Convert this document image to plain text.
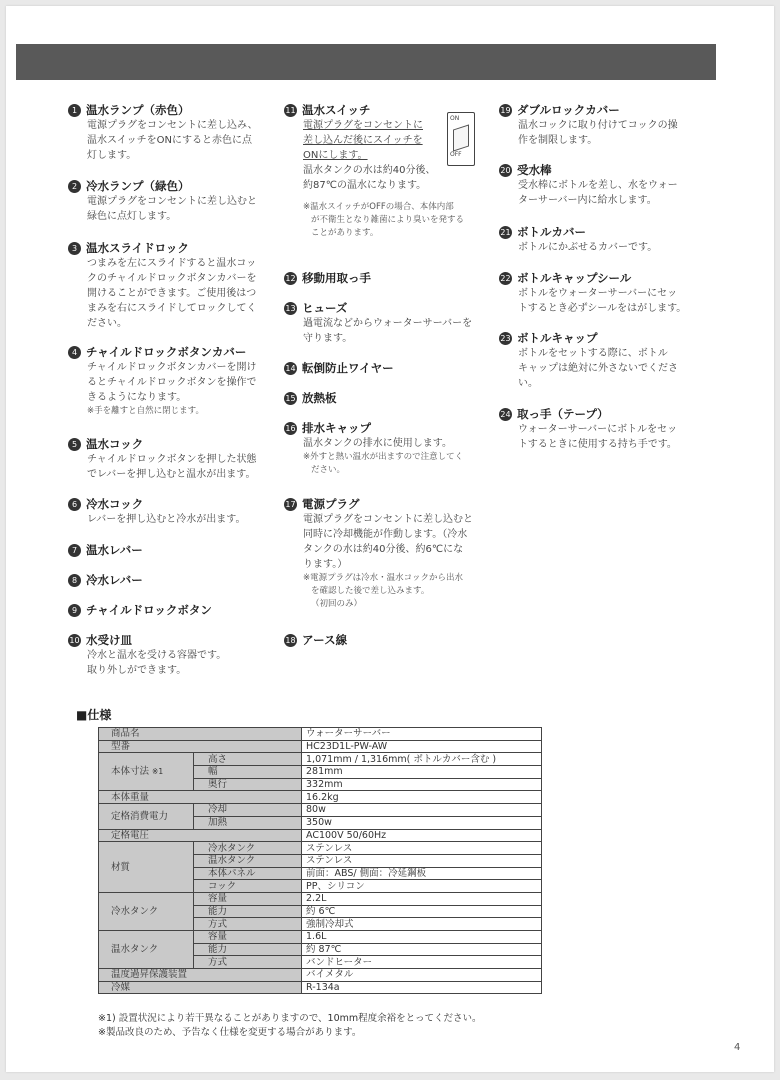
1 温水ランプ（赤色）
電源プラグをコンセントに差し込み、
温水スイッチをONにすると赤色に点
灯します。
2 冷水ランプ（緑色）
電源プラグをコンセントに差し込むと
緑色に点灯します。
3 温水スライドロック
つまみを左にスライドすると温水コッ
クのチャイルドロックボタンカバーを
開けることができます。ご使用後はつ
まみを右にスライドしてロックしてく
ださい。
4 チャイルドロックボタンカバー
チャイルドロックボタンカバーを開け
るとチャイルドロックボタンを操作で
きるようになります。
※手を離すと自然に閉じます。
5 温水コック
チャイルドロックボタンを押した状態
でレバーを押し込むと温水が出ます。
6 冷水コック
レバーを押し込むと冷水が出ます。
7 温水レバー
8 冷水レバー
9 チャイルドロックボタン
10 水受け皿
冷水と温水を受ける容器です。
取り外しができます。
11 温水スイッチ
電源プラグをコンセントに
差し込んだ後にスイッチを
ONにします。
温水タンクの水は約40分後、
約87℃の温水になります。
※温水スイッチがOFFの場合、本体内部
が不衛生となり雑菌により臭いを発する
ことがあります。
ON
OFF
12 移動用取っ手
13 ヒューズ
過電流などからウォーターサーバーを
守ります。
14 転倒防止ワイヤー
15 放熱板
16 排水キャップ
温水タンクの排水に使用します。
※外すと熱い温水が出ますので注意してく
ださい。
17 電源プラグ
電源プラグをコンセントに差し込むと
同時に冷却機能が作動します。（冷水
タンクの水は約40分後、約6℃にな
ります。）
※電源プラグは冷水・温水コックから出水
を確認した後で差し込みます。
（初回のみ）
18 アース線
19 ダブルロックカバー
温水コックに取り付けてコックの操
作を制限します。
20 受水棒
受水棒にボトルを差し、水をウォー
ターサーバー内に給水します。
21 ボトルカバー
ボトルにかぶせるカバーです。
22 ボトルキャップシール
ボトルをウォーターサーバーにセッ
トするとき必ずシールをはがします。
23 ボトルキャップ
ボトルをセットする際に、ボトル
キャップは絶対に外さないでくださ
い。
24 取っ手（テープ）
ウォーターサーバーにボトルをセッ
トするときに使用する持ち手です。
■仕様
商品名		ウォーターサーバー
型番		HC23D1L-PW-AW
本体寸法 ※1	高さ	1,071mm / 1,316mm( ボトルカバー含む )
	幅	281mm
	奥行	332mm
本体重量		16.2kg
定格消費電力	冷却	80w
	加熱	350w
定格電圧		AC100V 50/60Hz
材質	冷水タンク	ステンレス
	温水タンク	ステンレス
	本体パネル	前面：ABS/ 側面：冷延鋼板
	コック	PP、シリコン
冷水タンク	容量	2.2L
	能力	約 6℃
	方式	強制冷却式
温水タンク	容量	1.6L
	能力	約 87℃
	方式	バンドヒーター
温度過昇保護装置		バイメタル
冷媒		R-134a
※1) 設置状況により若干異なることがありますので、10mm程度余裕をとってください。
※製品改良のため、予告なく仕様を変更する場合があります。
4
